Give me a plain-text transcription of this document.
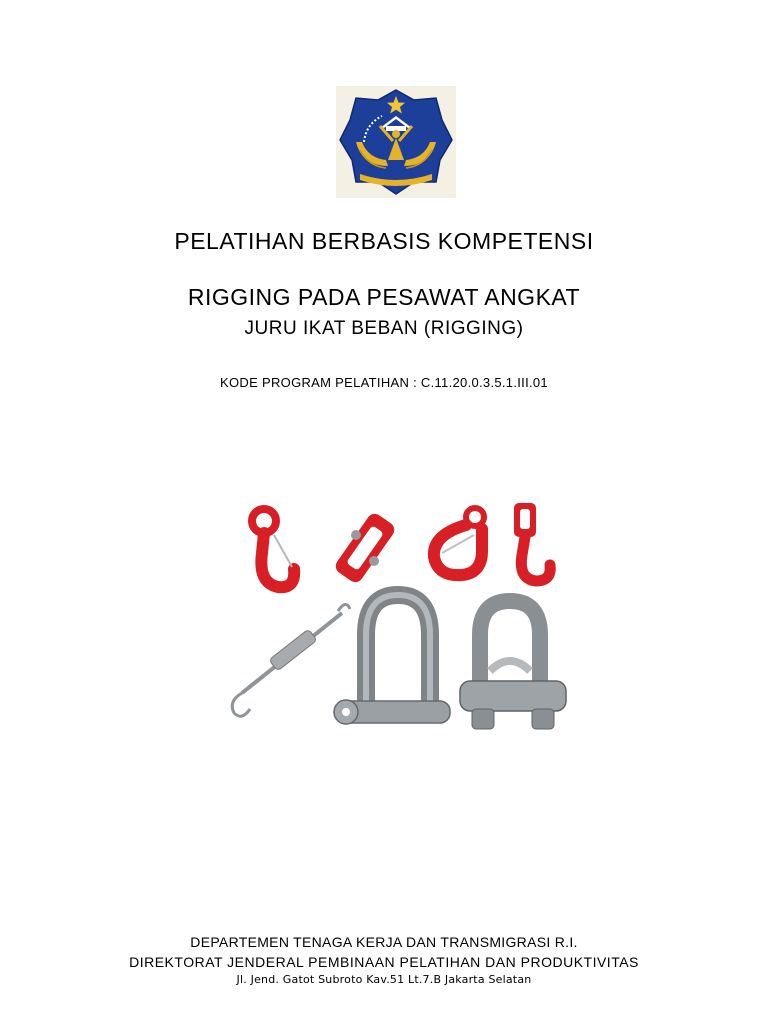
PELATIHAN BERBASIS KOMPETENSI
RIGGING PADA PESAWAT ANGKAT
JURU IKAT BEBAN (RIGGING)
KODE PROGRAM PELATIHAN : C.11.20.0.3.5.1.III.01
DEPARTEMEN TENAGA KERJA DAN TRANSMIGRASI R.I.
DIREKTORAT JENDERAL PEMBINAAN PELATIHAN DAN PRODUKTIVITAS
Jl. Jend. Gatot Subroto Kav.51 Lt.7.B Jakarta Selatan
